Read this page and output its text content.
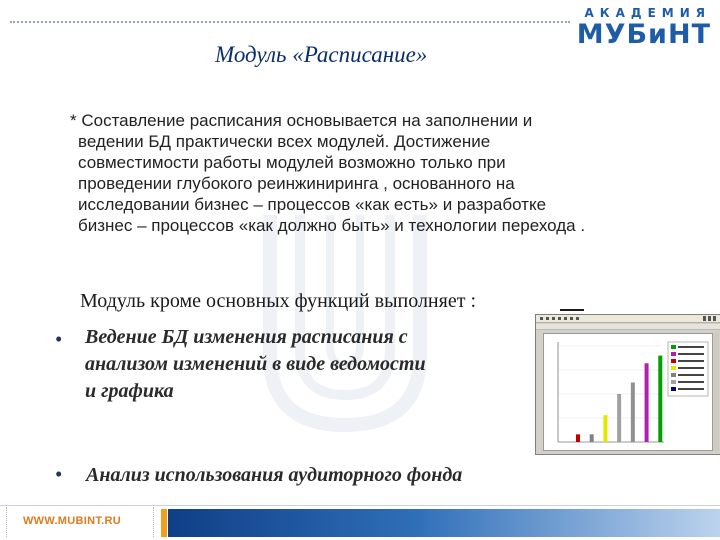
АКАДЕМИЯ
МУБиНТ
Модуль «Расписание»
* Составление расписания основывается на заполнении и
ведении БД практически всех модулей. Достижение
совместимости работы модулей возможно только при
проведении глубокого реинжиниринга , основанного на
исследовании бизнес – процессов «как есть» и разработке
бизнес – процессов «как должно быть» и технологии перехода .
Модуль кроме основных функций выполняет :
• Ведение БД изменения расписания с
анализом изменений в виде ведомости
и графика
• Анализ использования аудиторного фонда
WWW.MUBINT.RU
